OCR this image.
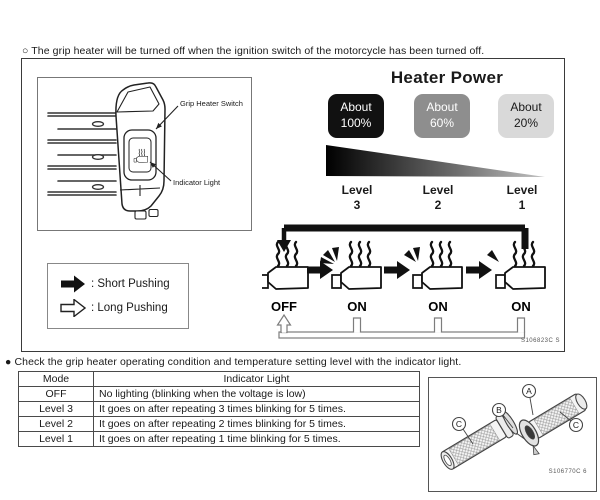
○ The grip heater will be turned off when the ignition switch of the motorcycle has been turned off.
Grip Heater Switch
Indicator Light
Heater Power
About
100%
About
60%
About
20%
Level
3
Level
2
Level
1
OFF	ON	ON	ON
: Short Pushing
: Long Pushing
S106823C S
● Check the grip heater operating condition and temperature setting level with the indicator light.
Mode	Indicator Light
OFF	No lighting (blinking when the voltage is low)
Level 3	It goes on after repeating 3 times blinking for 5 times.
Level 2	It goes on after repeating 2 times blinking for 5 times.
Level 1	It goes on after repeating 1 time blinking for 5 times.
C
B
A
C
S106770C 6
